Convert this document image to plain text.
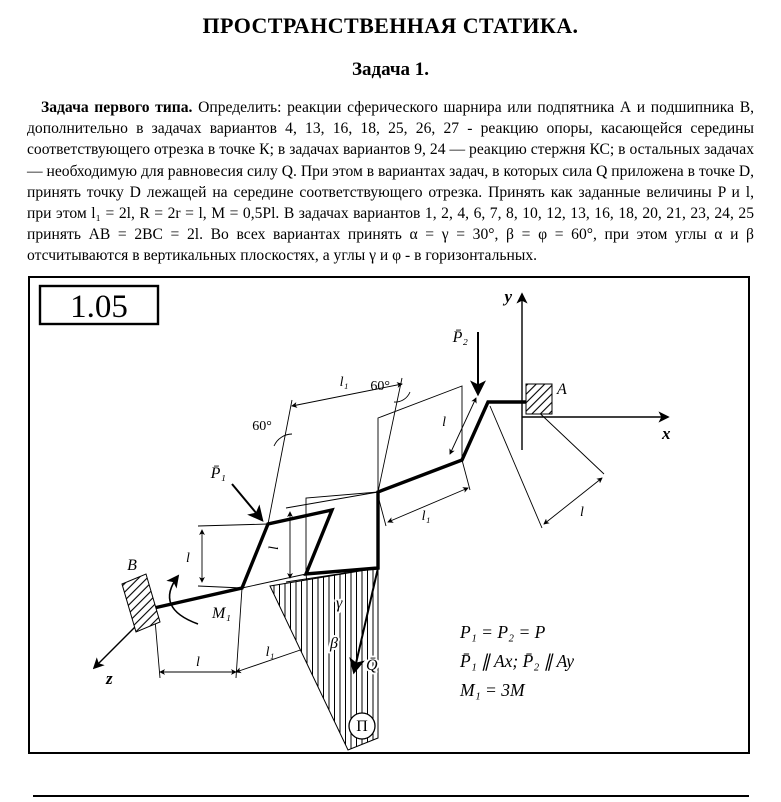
ПРОСТРАНСТВЕННАЯ СТАТИКА.
Задача 1.

Задача первого типа. Определить: реакции сферического шарнира или подпятника А и подшипника В, дополнительно в задачах вариантов 4, 13, 16, 18, 25, 26, 27 - реакцию опоры, касающейся середины соответствующего отрезка в точке К; в задачах вариантов 9, 24 — реакцию стержня КС; в остальных задачах — необходимую для равновесия силу Q. При этом в вариантах задач, в которых сила Q приложена в точке D, принять точку D лежащей на середине соответствующего отрезка. Принять как заданные величины P и l, при этом l₁ = 2l, R = 2r = l, M = 0,5Pl. В задачах вариантов 1, 2, 4, 6, 7, 8, 10, 12, 13, 16, 18, 20, 21, 23, 24, 25 принять AB = 2BC = 2l. Во всех вариантах принять α = γ = 30°, β = φ = 60°, при этом углы α и β отсчитываются в вертикальных плоскостях, а углы γ и φ - в горизонтальных.

П
1.05	y
x
z
A
B
P̄₁
P̄₂
Q̄
M₁
60°
60°
γ
β
l
l
l
l
l
l₁
l₁
l₁
P₁ = P₂ = P
P̄₁ ∥ Ax; P̄₂ ∥ Ay
M₁ = 3M
